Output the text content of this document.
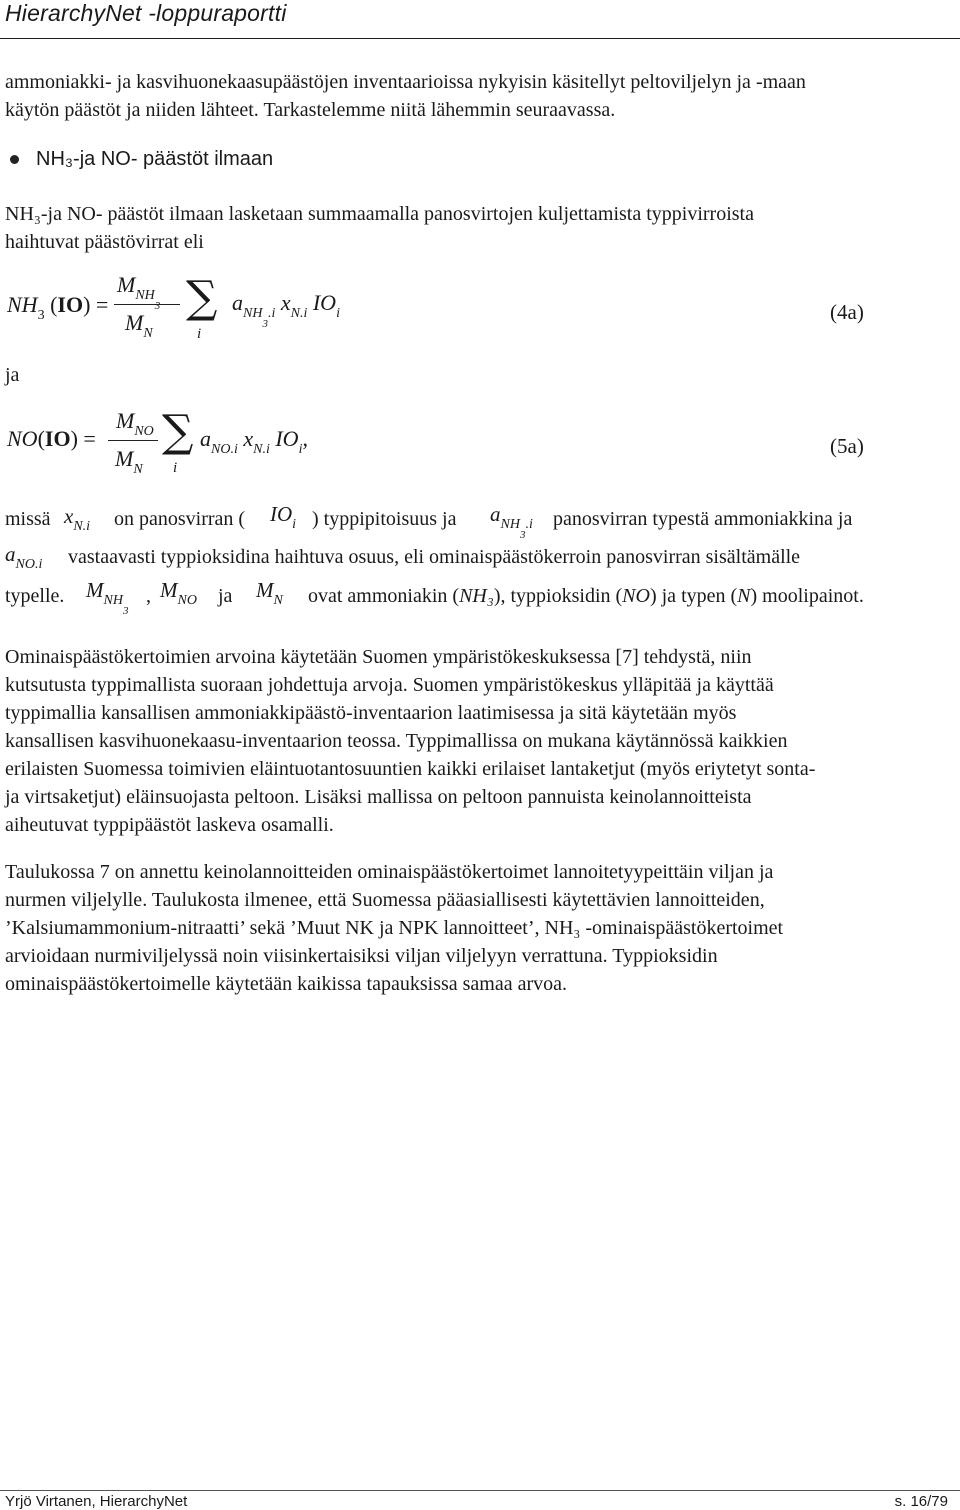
HierarchyNet -loppuraportti
ammoniakki- ja kasvihuonekaasupäästöjen inventaarioissa nykyisin käsitellyt peltoviljelyn ja -maan
käytön päästöt ja niiden lähteet. Tarkastelemme niitä lähemmin seuraavassa.
NH₃-ja NO- päästöt ilmaan
NH₃-ja NO- päästöt ilmaan lasketaan summaamalla panosvirtojen kuljettamista typpivirroista
haihtuvat päästövirrat eli
$NH_3$ (IO) =
$M_{NH_3}$
$M_N$
∑
i
$a_{NH_3.i}$ $x_{N.i}$ $IO_i$	(4a)
ja
NO(IO) =
$M_{NO}$
$M_N$
∑
i
$a_{NO.i}$ $x_{N.i}$ $IO_i$,	(5a)
missä $x_{N.i}$ on panosvirran ( $IO_i$ ) typpipitoisuus ja $a_{NH_3.i}$ panosvirran typestä ammoniakkina ja
$a_{NO.i}$ vastaavasti typpioksidina haihtuva osuus, eli ominaispäästökerroin panosvirran sisältämälle
typelle. $M_{NH_3}$
, $M_{NO}$ ja $M_N$ ovat ammoniakin (NH₃), typpioksidin (NO) ja typen (N) moolipainot.
Ominaispäästökertoimien arvoina käytetään Suomen ympäristökeskuksessa [7] tehdystä, niin
kutsutusta typpimallista suoraan johdettuja arvoja. Suomen ympäristökeskus ylläpitää ja käyttää
typpimallia kansallisen ammoniakkipäästö-inventaarion laatimisessa ja sitä käytetään myös
kansallisen kasvihuonekaasu-inventaarion teossa. Typpimallissa on mukana käytännössä kaikkien
erilaisten Suomessa toimivien eläintuotantosuuntien kaikki erilaiset lantaketjut (myös eriytetyt sonta-
ja virtsaketjut) eläinsuojasta peltoon. Lisäksi mallissa on peltoon pannuista keinolannoitteista
aiheutuvat typpipäästöt laskeva osamalli.
Taulukossa 7 on annettu keinolannoitteiden ominaispäästökertoimet lannoitetyypeittäin viljan ja
nurmen viljelylle. Taulukosta ilmenee, että Suomessa pääasiallisesti käytettävien lannoitteiden,
’Kalsiumammonium-nitraatti’ sekä ’Muut NK ja NPK lannoitteet’, NH₃ -ominaispäästökertoimet
arvioidaan nurmiviljelyssä noin viisinkertaisiksi viljan viljelyyn verrattuna. Typpioksidin
ominaispäästökertoimelle käytetään kaikissa tapauksissa samaa arvoa.
Yrjö Virtanen, HierarchyNet	s. 16/79
